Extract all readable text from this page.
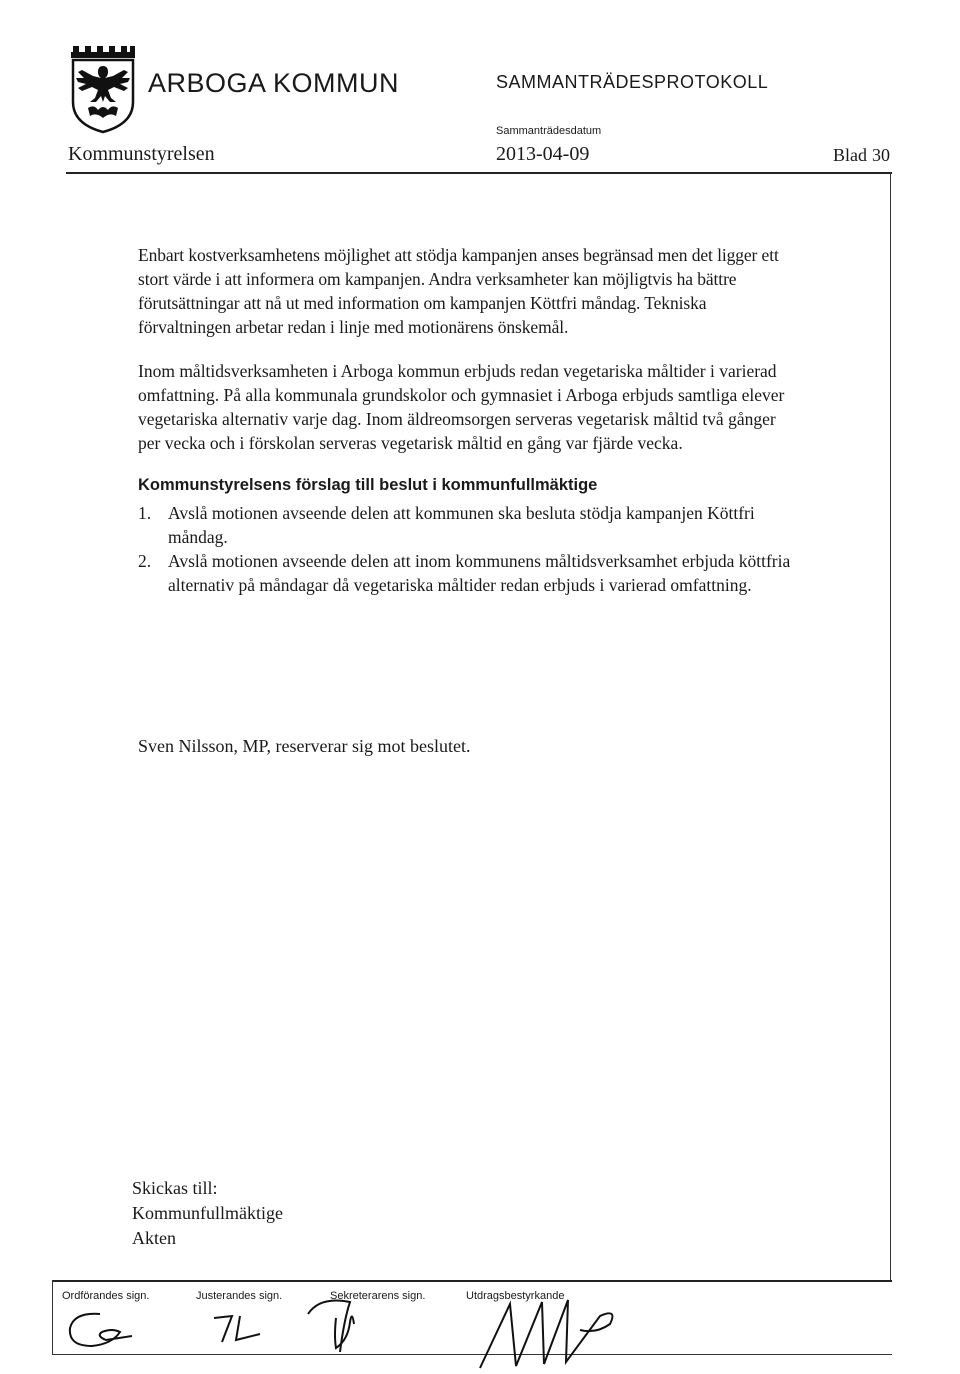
ARBOGA KOMMUN	SAMMANTRÄDESPROTOKOLL
Sammanträdesdatum
Kommunstyrelsen	2013-04-09	Blad 30

Enbart kostverksamhetens möjlighet att stödja kampanjen anses begränsad men det ligger ett stort värde i att informera om kampanjen. Andra verksamheter kan möjligtvis ha bättre förutsättningar att nå ut med information om kampanjen Köttfri måndag. Tekniska förvaltningen arbetar redan i linje med motionärens önskemål.

Inom måltidsverksamheten i Arboga kommun erbjuds redan vegetariska måltider i varierad omfattning. På alla kommunala grundskolor och gymnasiet i Arboga erbjuds samtliga elever vegetariska alternativ varje dag. Inom äldreomsorgen serveras vegetarisk måltid två gånger per vecka och i förskolan serveras vegetarisk måltid en gång var fjärde vecka.

Kommunstyrelsens förslag till beslut i kommunfullmäktige
1. Avslå motionen avseende delen att kommunen ska besluta stödja kampanjen Köttfri måndag.
2. Avslå motionen avseende delen att inom kommunens måltidsverksamhet erbjuda köttfria alternativ på måndagar då vegetariska måltider redan erbjuds i varierad omfattning.
Sven Nilsson, MP, reserverar sig mot beslutet.
Skickas till:
Kommunfullmäktige
Akten
Ordförandes sign.	Justerandes sign.	Sekreterarens sign.	Utdragsbestyrkande
